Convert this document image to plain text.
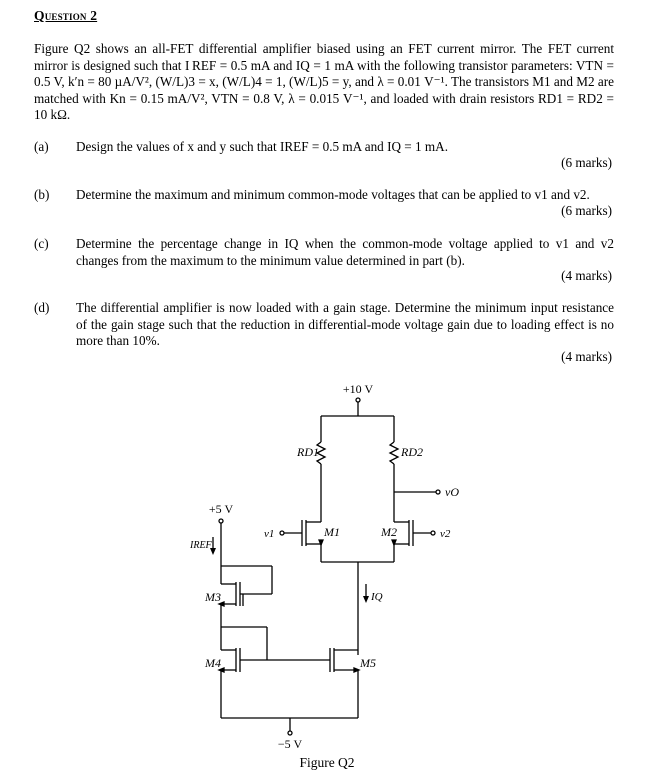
Question 2
Figure Q2 shows an all-FET differential amplifier biased using an FET current mirror. The FET current mirror is designed such that I REF = 0.5 mA and IQ = 1 mA with the following transistor parameters: VTN = 0.5 V, k′n = 80 µA/V², (W/L)3 = x, (W/L)4 = 1, (W/L)5 = y, and λ = 0.01 V⁻¹. The transistors M1 and M2 are matched with Kn = 0.15 mA/V², VTN = 0.8 V, λ = 0.015 V⁻¹, and loaded with drain resistors RD1 = RD2 = 10 kΩ.
(a) Design the values of x and y such that IREF = 0.5 mA and IQ = 1 mA.
(6 marks)
(b) Determine the maximum and minimum common-mode voltages that can be applied to v1 and v2.
(6 marks)
(c) Determine the percentage change in IQ when the common-mode voltage applied to v1 and v2 changes from the maximum to the minimum value determined in part (b).
(4 marks)
(d) The differential amplifier is now loaded with a gain stage. Determine the minimum input resistance of the gain stage such that the reduction in differential-mode voltage gain due to loading effect is no more than 10%.
(4 marks)
+10 V
RD1	RD2
vO
M1
v1	M2	v2
IQ
+5 V
IREF
M3
M4	M5
−5 V
Figure Q2
